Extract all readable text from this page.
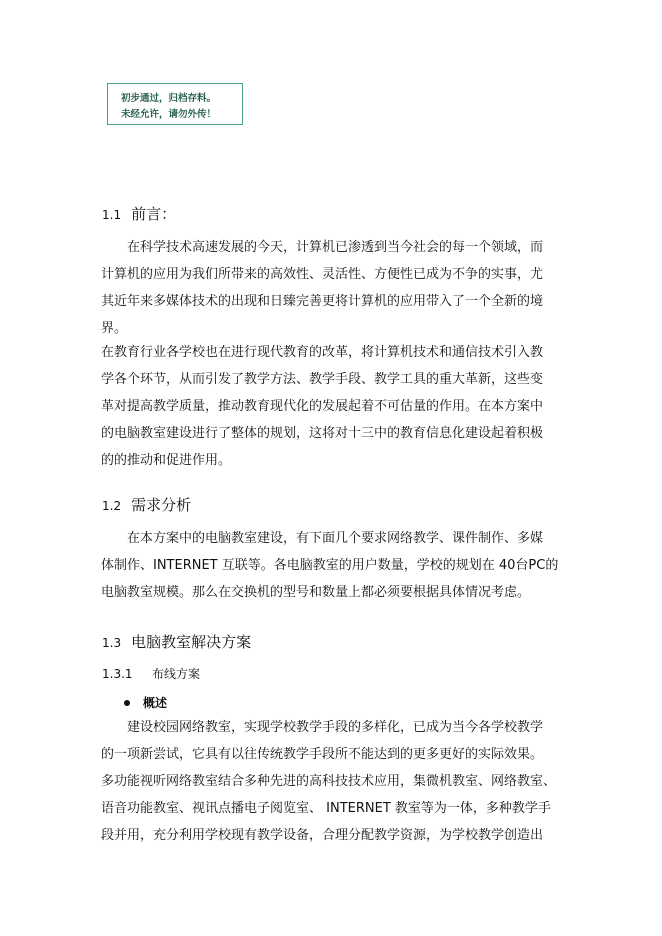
初步通过，归档存料。
未经允许，请勿外传！
1.1 前言：
在科学技术高速发展的今天，计算机已渗透到当今社会的每一个领域，而
计算机的应用为我们所带来的高效性、灵活性、方便性已成为不争的实事，尤
其近年来多媒体技术的出现和日臻完善更将计算机的应用带入了一个全新的境
界。
在教育行业各学校也在进行现代教育的改革，将计算机技术和通信技术引入教
学各个环节，从而引发了教学方法、教学手段、教学工具的重大革新，这些变
革对提高教学质量，推动教育现代化的发展起着不可估量的作用。在本方案中
的电脑教室建设进行了整体的规划，这将对十三中的教育信息化建设起着积极
的的推动和促进作用。
1.2 需求分析
在本方案中的电脑教室建设，有下面几个要求网络教学、课件制作、多媒
体制作、INTERNET 互联等。各电脑教室的用户数量，学校的规划在 40台PC的
电脑教室规模。那么在交换机的型号和数量上都必须要根据具体情况考虑。
1.3 电脑教室解决方案
1.3.1 布线方案
概述
建设校园网络教室，实现学校教学手段的多样化，已成为当今各学校教学
的一项新尝试，它具有以往传统教学手段所不能达到的更多更好的实际效果。
多功能视听网络教室结合多种先进的高科技技术应用，集微机教室、网络教室、
语音功能教室、视讯点播电子阅览室、 INTERNET 教室等为一体，多种教学手
段并用，充分利用学校现有教学设备，合理分配教学资源，为学校教学创造出
